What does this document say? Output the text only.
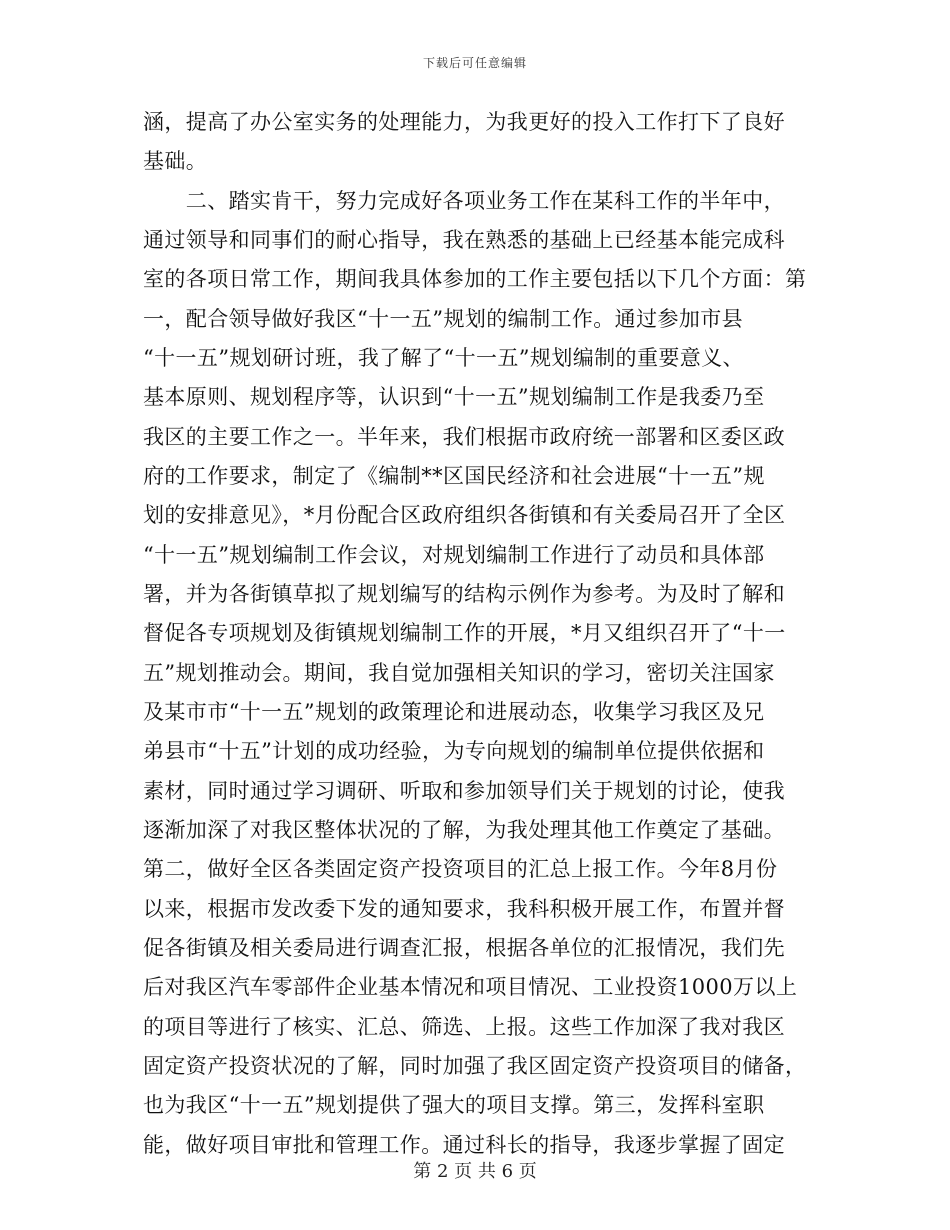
下载后可任意编辑
涵，提高了办公室实务的处理能力，为我更好的投入工作打下了良好
基础。
　　二、踏实肯干，努力完成好各项业务工作在某科工作的半年中，
通过领导和同事们的耐心指导，我在熟悉的基础上已经基本能完成科
室的各项日常工作，期间我具体参加的工作主要包括以下几个方面：第
一，配合领导做好我区“十一五”规划的编制工作。通过参加市县
“十一五”规划研讨班，我了解了“十一五”规划编制的重要意义、
基本原则、规划程序等，认识到“十一五”规划编制工作是我委乃至
我区的主要工作之一。半年来，我们根据市政府统一部署和区委区政
府的工作要求，制定了《编制**区国民经济和社会进展“十一五”规
划的安排意见》，*月份配合区政府组织各街镇和有关委局召开了全区
“十一五”规划编制工作会议，对规划编制工作进行了动员和具体部
署，并为各街镇草拟了规划编写的结构示例作为参考。为及时了解和
督促各专项规划及街镇规划编制工作的开展，*月又组织召开了“十一
五”规划推动会。期间，我自觉加强相关知识的学习，密切关注国家
及某市市“十一五”规划的政策理论和进展动态，收集学习我区及兄
弟县市“十五”计划的成功经验，为专向规划的编制单位提供依据和
素材，同时通过学习调研、听取和参加领导们关于规划的讨论，使我
逐渐加深了对我区整体状况的了解，为我处理其他工作奠定了基础。
第二，做好全区各类固定资产投资项目的汇总上报工作。今年8月份
以来，根据市发改委下发的通知要求，我科积极开展工作，布置并督
促各街镇及相关委局进行调查汇报，根据各单位的汇报情况，我们先
后对我区汽车零部件企业基本情况和项目情况、工业投资1000万以上
的项目等进行了核实、汇总、筛选、上报。这些工作加深了我对我区
固定资产投资状况的了解，同时加强了我区固定资产投资项目的储备，
也为我区“十一五”规划提供了强大的项目支撑。第三，发挥科室职
能，做好项目审批和管理工作。通过科长的指导，我逐步掌握了固定
第 2 页 共 6 页
